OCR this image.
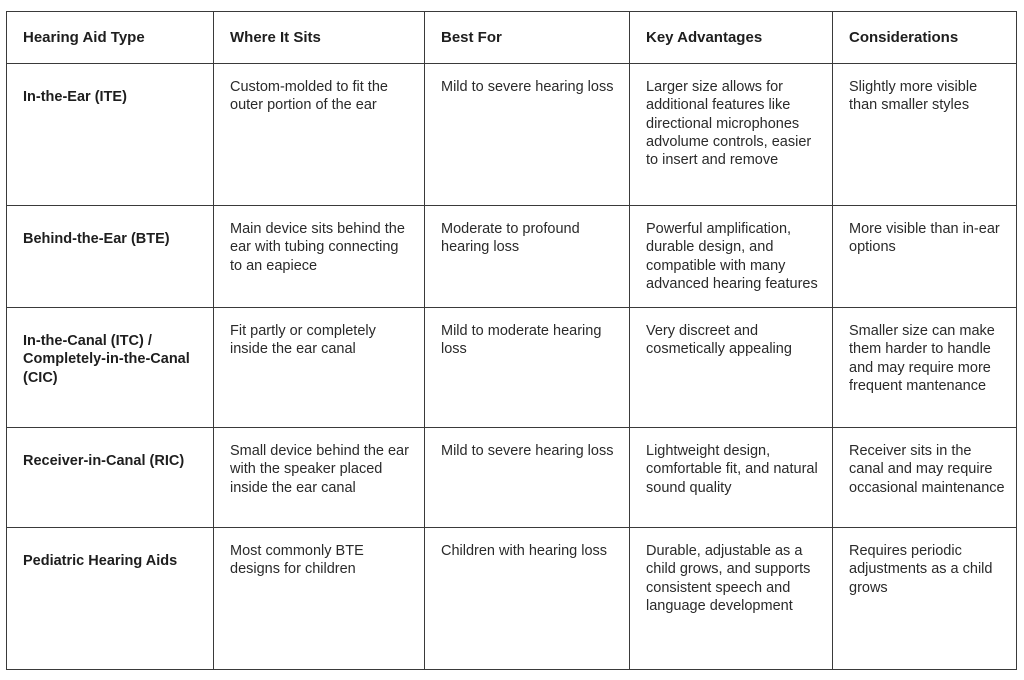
Hearing Aid Type	Where It Sits	Best For	Key Advantages	Considerations
In-the-Ear (ITE)	Custom-molded to fit the outer portion of the ear	Mild to severe hearing loss	Larger size allows for additional features like directional microphones advolume controls, easier to insert and remove	Slightly more visible than smaller styles
Behind-the-Ear (BTE)	Main device sits behind the ear with tubing connecting to an eapiece	Moderate to profound hearing loss	Powerful amplification, durable design, and compatible with many advanced hearing features	More visible than in-ear options
In-the-Canal (ITC) / Completely-in-the-Canal (CIC)	Fit partly or completely inside the ear canal	Mild to moderate hearing loss	Very discreet and cosmetically appealing	Smaller size can make them harder to handle and may require more frequent mantenance
Receiver-in-Canal (RIC)	Small device behind the ear with the speaker placed inside the ear canal	Mild to severe hearing loss	Lightweight design, comfortable fit, and natural sound quality	Receiver sits in the canal and may require occasional maintenance
Pediatric Hearing Aids	Most commonly BTE designs for children	Children with hearing loss	Durable, adjustable as a child grows, and supports consistent speech and language development	Requires periodic adjustments as a child grows
